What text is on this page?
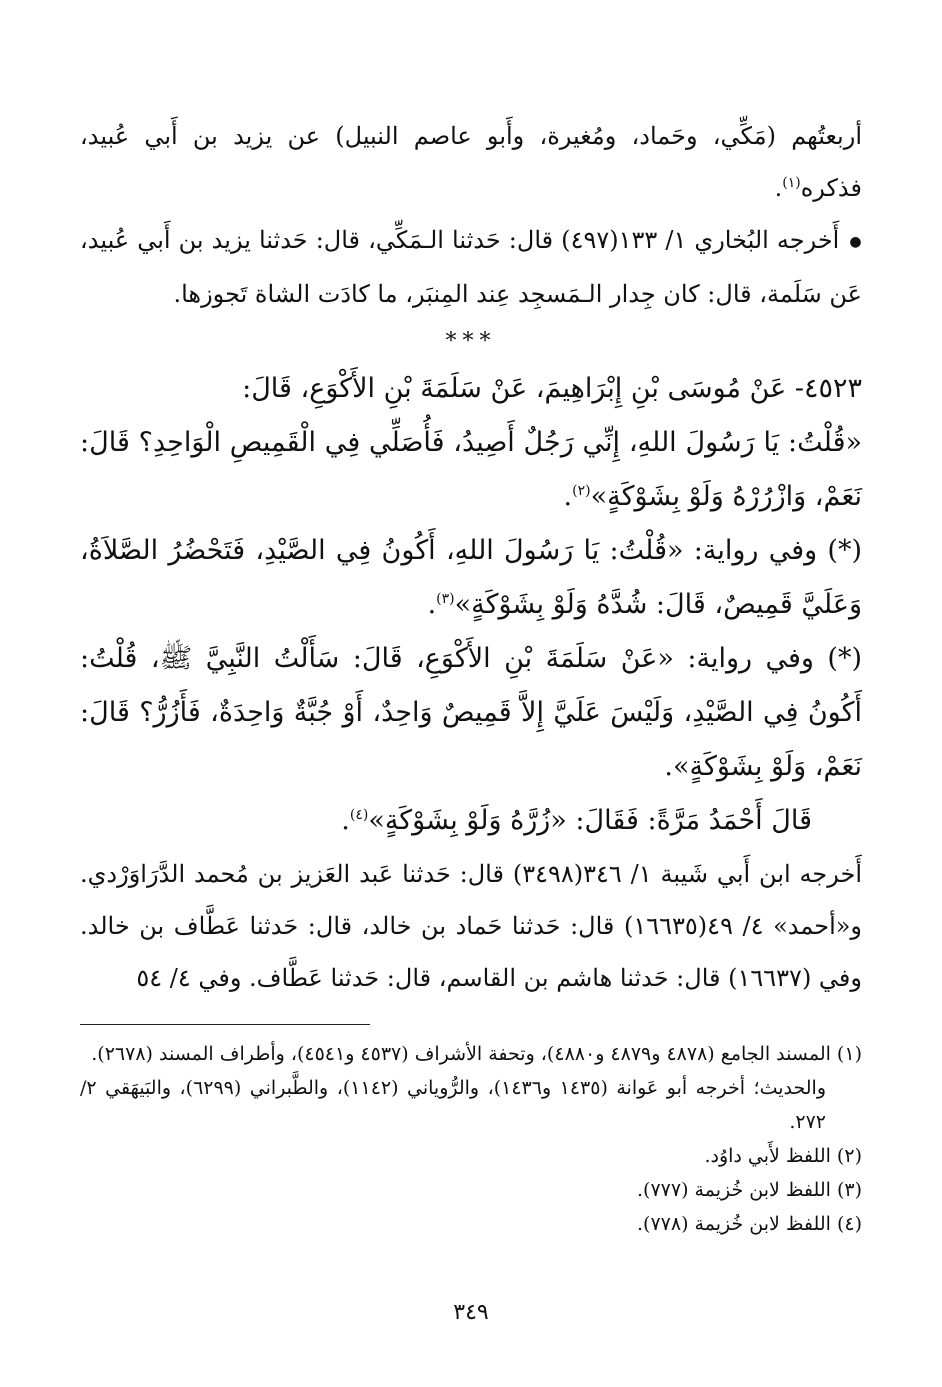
أربعتُهم (مَكِّي، وحَماد، ومُغيرة، وأَبو عاصم النبيل) عن يزيد بن أَبي عُبيد، فذكره$^{(١)}$.

● أَخرجه البُخاري ١/ ١٣٣(٤٩٧) قال: حَدثنا الـمَكِّي، قال: حَدثنا يزيد بن أَبي عُبيد، عَن سَلَمة، قال: كان جِدار الـمَسجِد عِند المِنبَر، ما كادَت الشاة تَجوزها.

***

٤٥٢٣- عَنْ مُوسَى بْنِ إِبْرَاهِيمَ، عَنْ سَلَمَةَ بْنِ الأَكْوَعِ، قَالَ:

«قُلْتُ: يَا رَسُولَ اللهِ، إِنِّي رَجُلٌ أَصِيدُ، فَأُصَلِّي فِي الْقَمِيصِ الْوَاحِدِ؟ قَالَ: نَعَمْ، وَازْرُرْهُ وَلَوْ بِشَوْكَةٍ»$^{(٢)}$.

(*) وفي رواية: «قُلْتُ: يَا رَسُولَ اللهِ، أَكُونُ فِي الصَّيْدِ، فَتَحْضُرُ الصَّلاَةُ، وَعَلَيَّ قَمِيصٌ، قَالَ: شُدَّهُ وَلَوْ بِشَوْكَةٍ»$^{(٣)}$.

(*) وفي رواية: «عَنْ سَلَمَةَ بْنِ الأَكْوَعِ، قَالَ: سَأَلْتُ النَّبِيَّ ﷺ، قُلْتُ: أَكُونُ فِي الصَّيْدِ، وَلَيْسَ عَلَيَّ إِلاَّ قَمِيصٌ وَاحِدٌ، أَوْ جُبَّةٌ وَاحِدَةٌ، فَأَزُرُّ؟ قَالَ: نَعَمْ، وَلَوْ بِشَوْكَةٍ».

قَالَ أَحْمَدُ مَرَّةً: فَقَالَ: «زُرَّهُ وَلَوْ بِشَوْكَةٍ»$^{(٤)}$.

أَخرجه ابن أَبي شَيبة ١/ ٣٤٦(٣٤٩٨) قال: حَدثنا عَبد العَزيز بن مُحمد الدَّرَاوَرْدي. و«أحمد» ٤/ ٤٩(١٦٦٣٥) قال: حَدثنا حَماد بن خالد، قال: حَدثنا عَطَّاف بن خالد. وفي (١٦٦٣٧) قال: حَدثنا هاشم بن القاسم، قال: حَدثنا عَطَّاف. وفي ٤/ ٥٤

(١) المسند الجامع (٤٨٧٨ و٤٨٧٩ و٤٨٨٠)، وتحفة الأشراف (٤٥٣٧ و٤٥٤١)، وأطراف المسند (٢٦٧٨).

والحديث؛ أخرجه أبو عَوانة (١٤٣٥ و١٤٣٦)، والرُّوياني (١١٤٢)، والطَّبراني (٦٢٩٩)، والبَيهَقي ٢/ ٢٧٢.

(٢) اللفظ لأَبي داوُد.

(٣) اللفظ لابن خُزيمة (٧٧٧).

(٤) اللفظ لابن خُزيمة (٧٧٨).

٣٤٩
